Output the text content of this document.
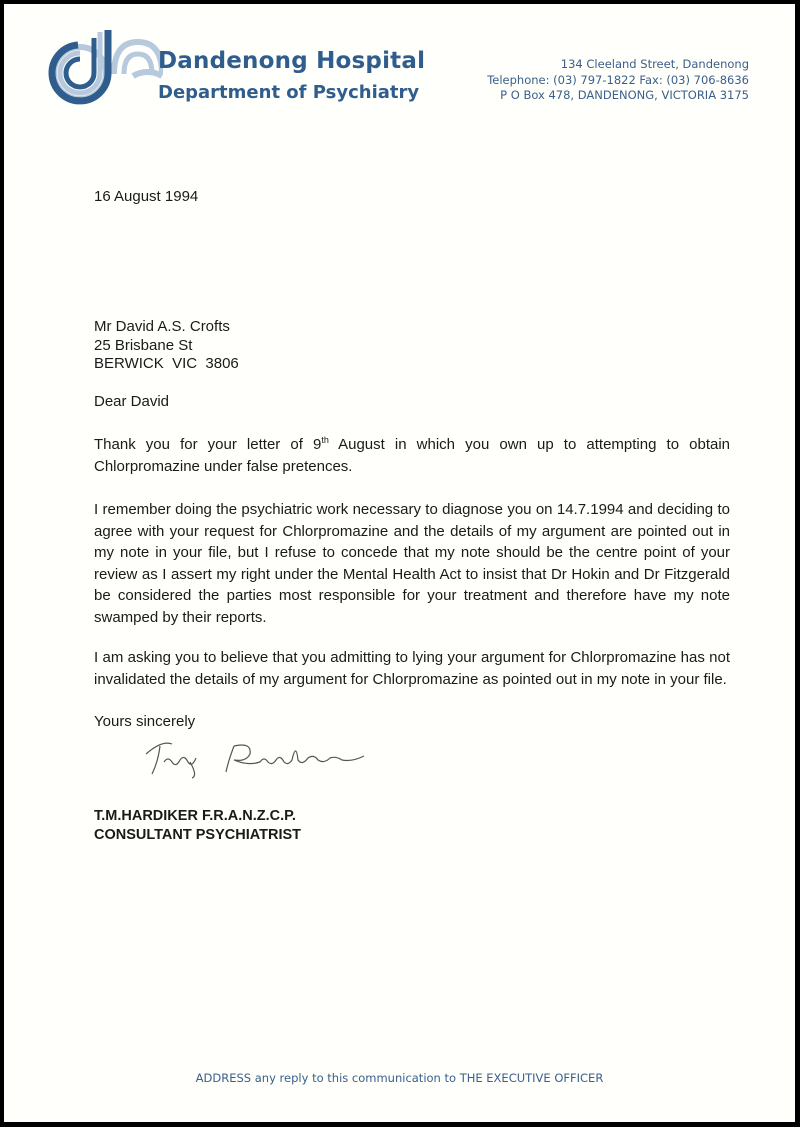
Dandenong Hospital
Department of Psychiatry
134 Cleeland Street, Dandenong
Telephone: (03) 797-1822 Fax: (03) 706-8636
P O Box 478, DANDENONG, VICTORIA 3175
16 August 1994
Mr David A.S. Crofts
25 Brisbane St
BERWICK  VIC  3806
Dear David
Thank you for your letter of 9th August in which you own up to attempting to obtain Chlorpromazine under false pretences.
I remember doing the psychiatric work necessary to diagnose you on 14.7.1994 and deciding to agree with your request for Chlorpromazine and the details of my argument are pointed out in my note in your file, but I refuse to concede that my note should be the centre point of your review as I assert my right under the Mental Health Act to insist that Dr Hokin and Dr Fitzgerald be considered the parties most responsible for your treatment and therefore have my note swamped by their reports.
I am asking you to believe that you admitting to lying your argument for Chlorpromazine has not invalidated the details of my argument for Chlorpromazine as pointed out in my note in your file.
Yours sincerely
T.M.HARDIKER F.R.A.N.Z.C.P.
CONSULTANT PSYCHIATRIST
ADDRESS any reply to this communication to THE EXECUTIVE OFFICER
